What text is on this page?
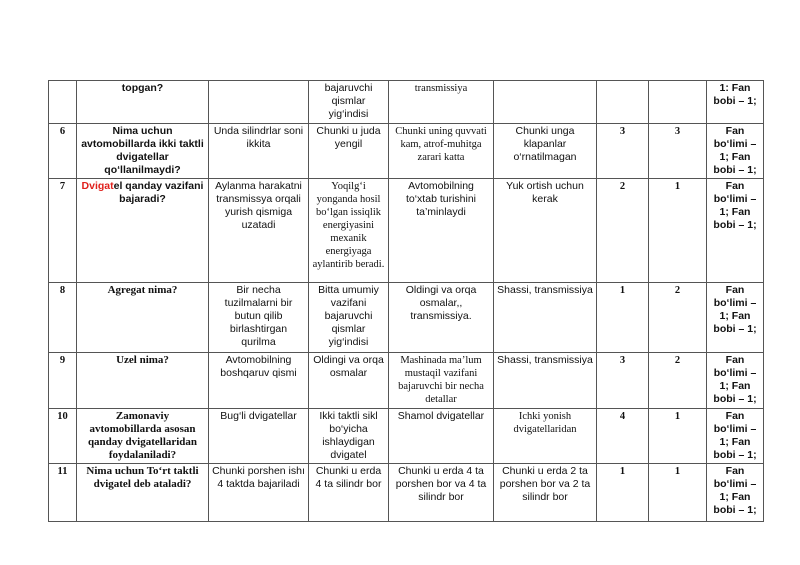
	topgan?		bajaruvchi qismlar yig‘indisi	transmissiya				1: Fan bobi – 1;
6	Nima uchun avtomobillarda ikki taktli dvigatellar qo‘llanilmaydi?	Unda silindrlar soni ikkita	Chunki u juda yengil	Chunki uning quvvati kam, atrof-muhitga zarari katta	Chunki unga klapanlar o‘rnatilmagan	3	3	Fan bo‘limi – 1; Fan bobi – 1;
7	Dvigatel qanday vazifani bajaradi?	Aylanma harakatni transmissya orqali yurish qismiga uzatadi	Yoqilg‘i yonganda hosil bo‘lgan issiqlik energiyasini mexanik energiyaga aylantirib beradi.	Avtomobilning to‘xtab turishini ta’minlaydi	Yuk ortish uchun kerak	2	1	Fan bo‘limi – 1; Fan bobi – 1;
8	Agregat nima?	Bir necha tuzilmalarni bir butun qilib birlashtirgan qurilma	Bitta umumiy vazifani bajaruvchi qismlar yig‘indisi	Oldingi va orqa osmalar,, transmissiya.	Shassi, transmissiya	1	2	Fan bo‘limi – 1; Fan bobi – 1;
9	Uzel nima?	Avtomobilning boshqaruv qismi	Oldingi va orqa osmalar	Mashinada ma’lum mustaqil vazifani bajaruvchi bir necha detallar	Shassi, transmissiya	3	2	Fan bo‘limi – 1; Fan bobi – 1;
10	Zamonaviy avtomobillarda asosan qanday dvigatellaridan foydalaniladi?	Bug‘li dvigatellar	Ikki taktli sikl bo‘yicha ishlaydigan dvigatel	Shamol dvigatellar	Ichki yonish dvigatellaridan	4	1	Fan bo‘limi – 1; Fan bobi – 1;
11	Nima uchun To‘rt taktli dvigatel deb ataladi?	Chunki porshen ishı 4 taktda bajariladi	Chunki u erda 4 ta silindr bor	Chunki u erda 4 ta porshen bor va 4 ta silindr bor	Chunki u erda 2 ta porshen bor va 2 ta silindr bor	1	1	Fan bo‘limi – 1; Fan bobi – 1;
